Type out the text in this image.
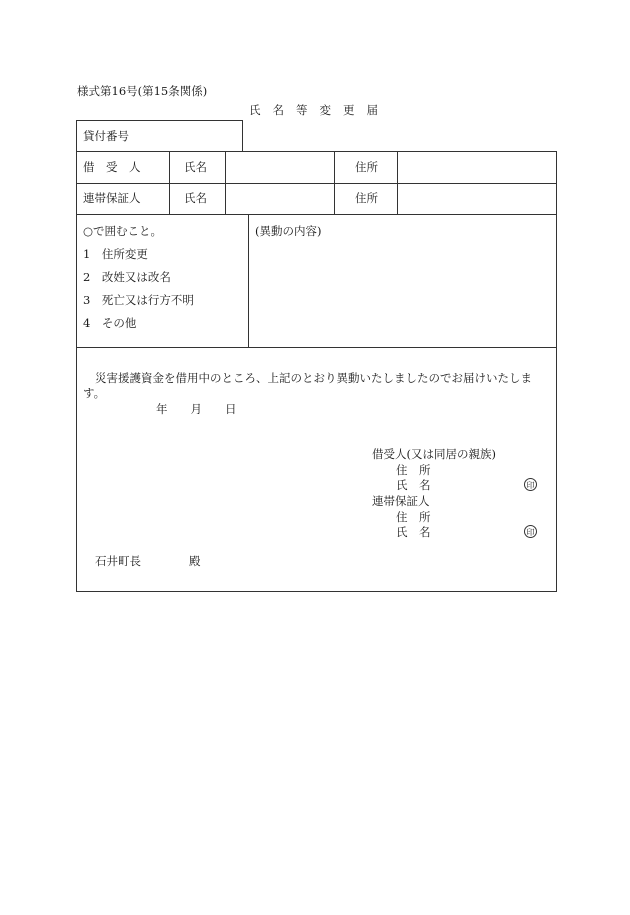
様式第16号(第15条関係)
氏名等変更届
貸付番号
借　受　人	氏名	住所
連帯保証人	氏名	住所
○で囲むこと。
1　住所変更
2　改姓又は改名
3　死亡又は行方不明
4　その他
(異動の内容)
災害援護資金を借用中のところ、上記のとおり異動いたしましたのでお届けいたしま
す。
年　　月　　日
借受人(又は同居の親族)
住　所
氏　名	印
連帯保証人
住　所
氏　名	印
石井町長	殿
